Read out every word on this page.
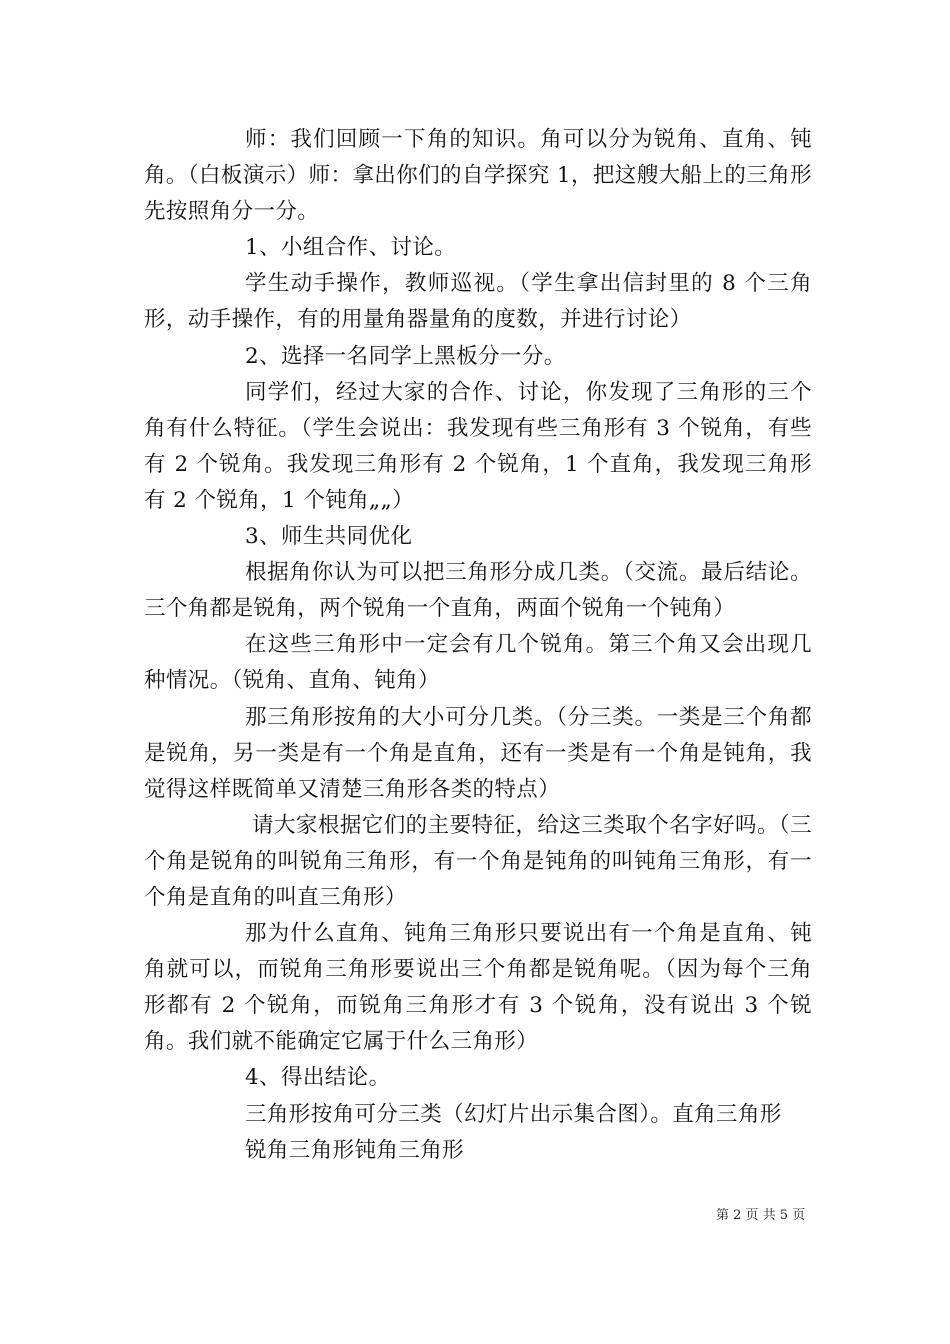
师：我们回顾一下角的知识。角可以分为锐角、直角、钝角。（白板演示）师：拿出你们的自学探究 1，把这艘大船上的三角形先按照角分一分。

1、小组合作、讨论。

学生动手操作，教师巡视。（学生拿出信封里的 8 个三角形，动手操作，有的用量角器量角的度数，并进行讨论）

2、选择一名同学上黑板分一分。

同学们，经过大家的合作、讨论，你发现了三角形的三个角有什么特征。（学生会说出：我发现有些三角形有 3 个锐角，有些有 2 个锐角。我发现三角形有 2 个锐角，1 个直角，我发现三角形有 2 个锐角，1 个钝角„„）

3、师生共同优化

根据角你认为可以把三角形分成几类。（交流。最后结论。三个角都是锐角，两个锐角一个直角，两面个锐角一个钝角）

在这些三角形中一定会有几个锐角。第三个角又会出现几种情况。（锐角、直角、钝角）

那三角形按角的大小可分几类。（分三类。一类是三个角都是锐角，另一类是有一个角是直角，还有一类是有一个角是钝角，我觉得这样既简单又清楚三角形各类的特点）

请大家根据它们的主要特征，给这三类取个名字好吗。（三个角是锐角的叫锐角三角形，有一个角是钝角的叫钝角三角形，有一个角是直角的叫直三角形）

那为什么直角、钝角三角形只要说出有一个角是直角、钝角就可以，而锐角三角形要说出三个角都是锐角呢。（因为每个三角形都有 2 个锐角，而锐角三角形才有 3 个锐角，没有说出 3 个锐角。我们就不能确定它属于什么三角形）

4、得出结论。

三角形按角可分三类（幻灯片出示集合图）。直角三角形

锐角三角形钝角三角形

第 2 页 共 5 页
